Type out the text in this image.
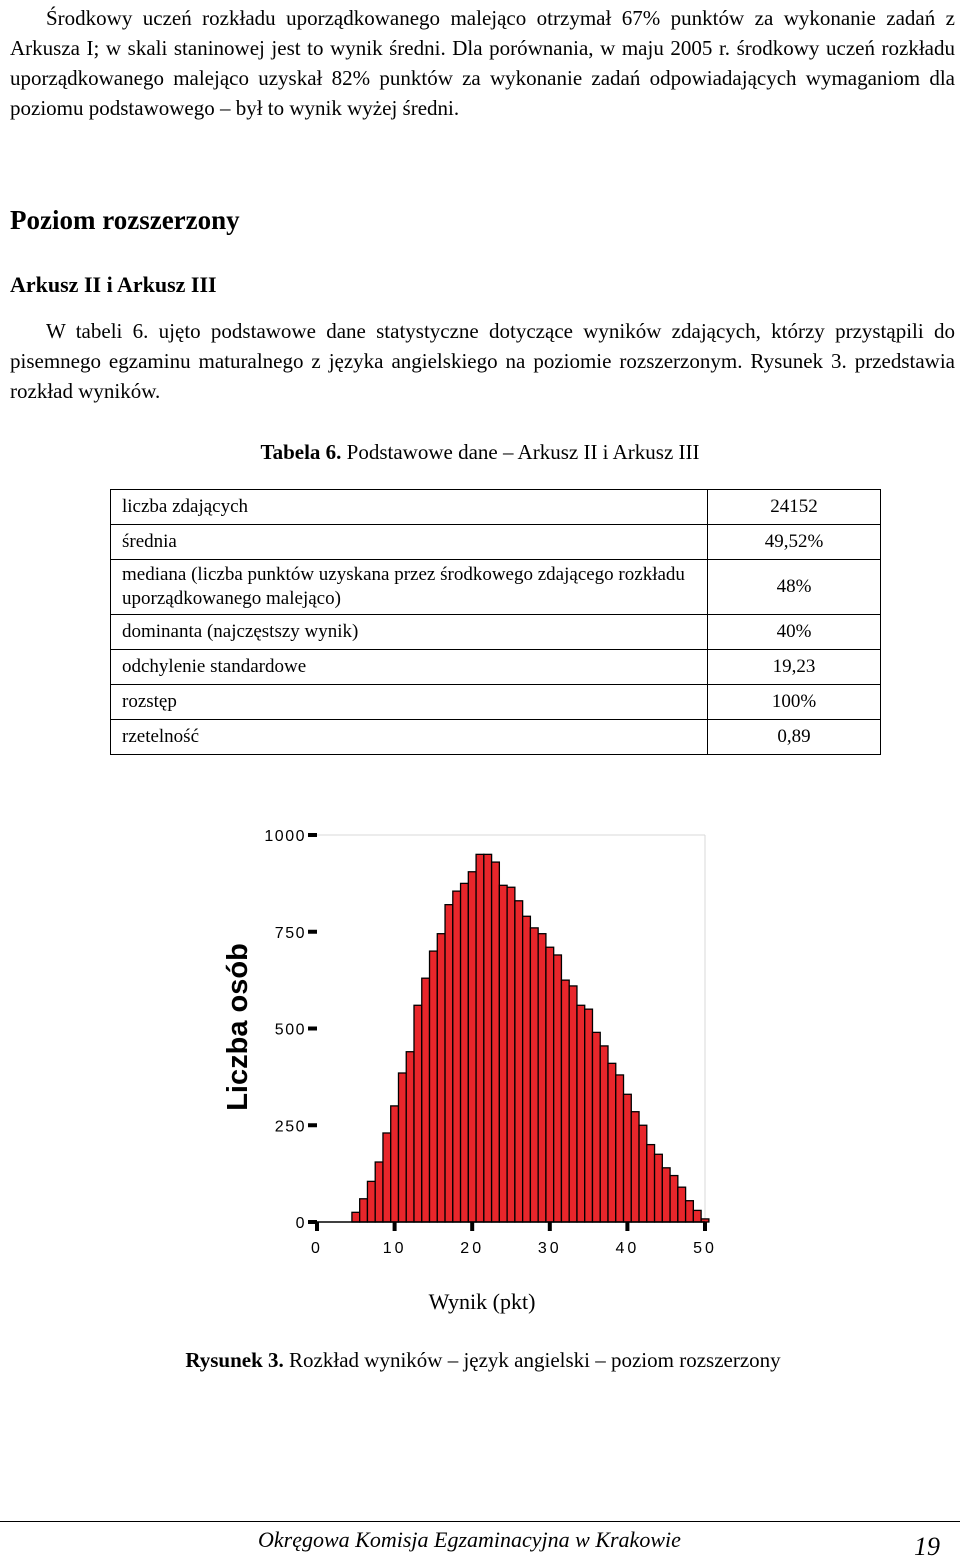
Środkowy uczeń rozkładu uporządkowanego malejąco otrzymał 67% punktów za wykonanie zadań z Arkusza I; w skali staninowej jest to wynik średni. Dla porównania, w maju 2005 r. środkowy uczeń rozkładu uporządkowanego malejąco uzyskał 82% punktów za wykonanie zadań odpowiadających wymaganiom dla poziomu podstawowego – był to wynik wyżej średni.

Poziom rozszerzony
Arkusz II i Arkusz III

W tabeli 6. ujęto podstawowe dane statystyczne dotyczące wyników zdających, którzy przystąpili do pisemnego egzaminu maturalnego z języka angielskiego na poziomie rozszerzonym. Rysunek 3. przedstawia rozkład wyników.

Tabela 6. Podstawowe dane – Arkusz II i Arkusz III
liczba zdających	24152
średnia	49,52%
mediana (liczba punktów uzyskana przez środkowego zdającego rozkładu uporządkowanego malejąco)	48%
dominanta (najczęstszy wynik)	40%
odchylenie standardowe	19,23
rozstęp	100%
rzetelność	0,89
0
250
500
750
1000
0	10	20	30	40	50
Liczba osób
Wynik (pkt)
Rysunek 3. Rozkład wyników – język angielski – poziom rozszerzony
Okręgowa Komisja Egzaminacyjna w Krakowie	19
